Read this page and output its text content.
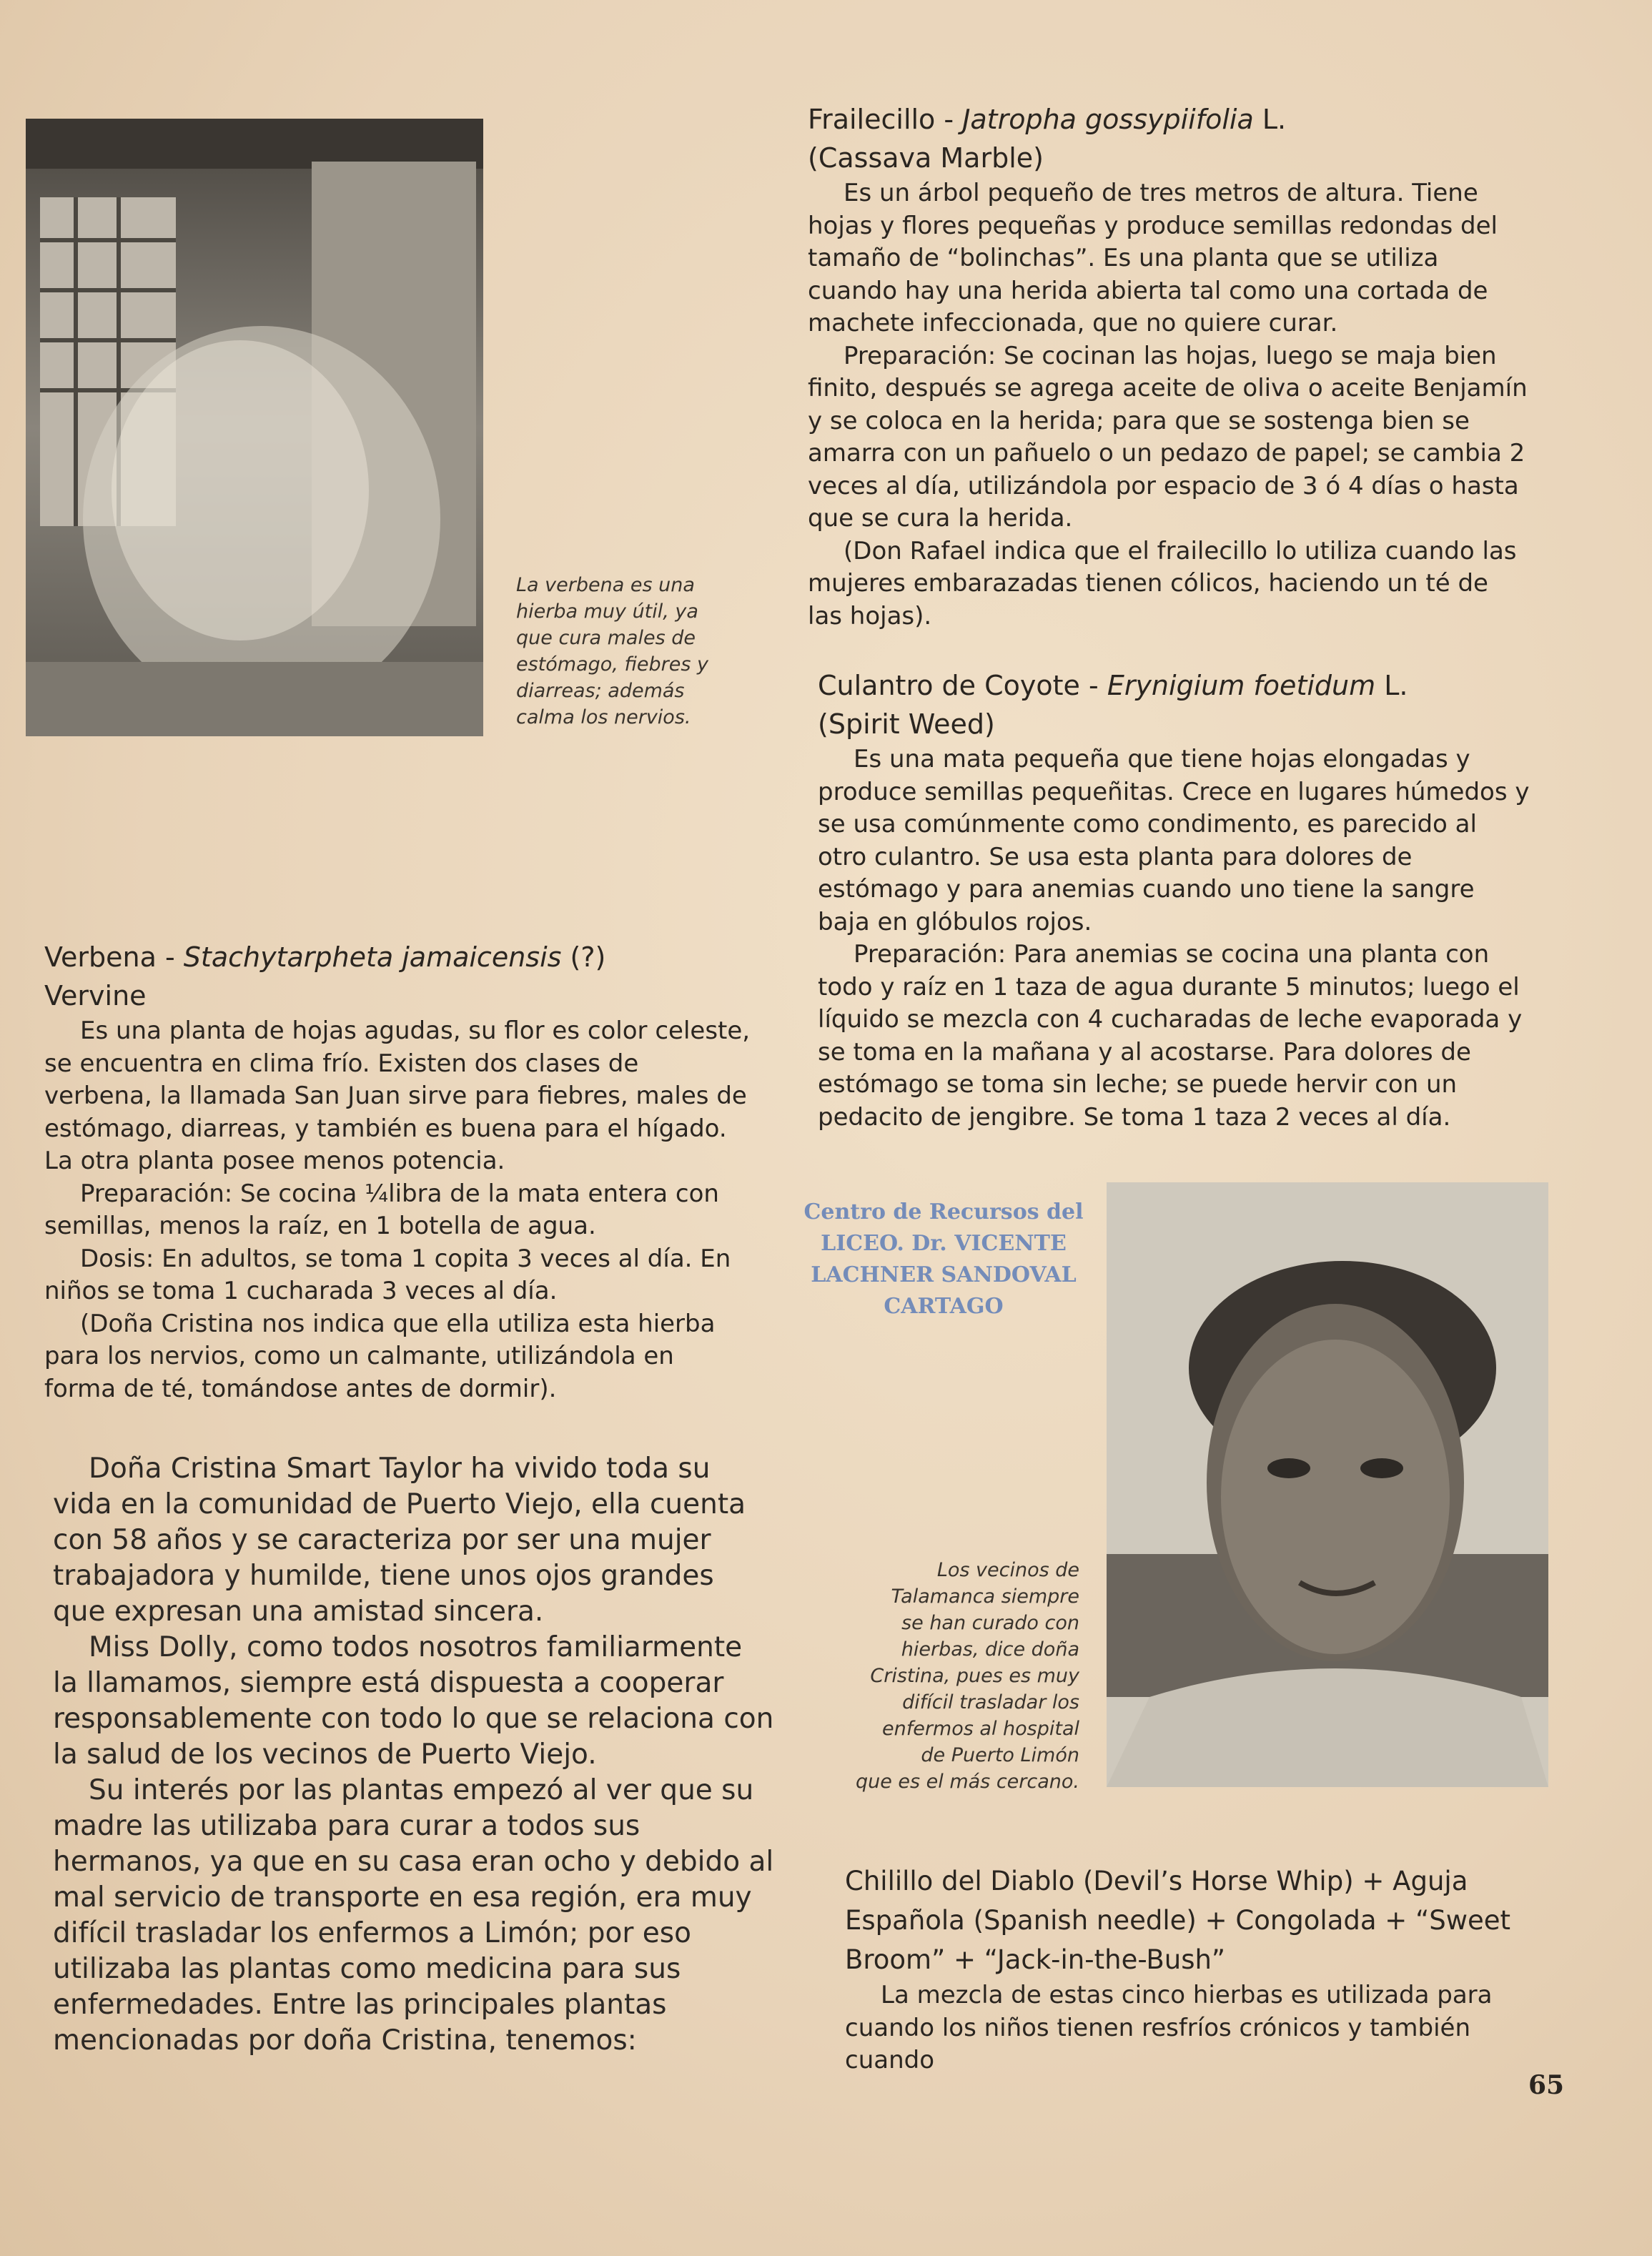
La verbena es una

hierba muy útil, ya

que cura males de

estómago, fiebres y

diarreas; además

calma los nervios.

Verbena - Stachytarpheta jamaicensis (?)

Vervine

Es una planta de hojas agudas, su flor es color celeste, se encuentra en clima frío. Existen dos clases de verbena, la llamada San Juan sirve para fiebres, males de estómago, diarreas, y también es buena para el hígado. La otra planta posee menos potencia.

Preparación: Se cocina ¼libra de la mata entera con semillas, menos la raíz, en 1 botella de agua.

Dosis: En adultos, se toma 1 copita 3 veces al día. En niños se toma 1 cucharada 3 veces al día.

(Doña Cristina nos indica que ella utiliza esta hierba para los nervios, como un calmante, utilizándola en forma de té, tomándose antes de dormir).

Doña Cristina Smart Taylor ha vivido toda su vida en la comunidad de Puerto Viejo, ella cuenta con 58 años y se caracteriza por ser una mujer trabajadora y humilde, tiene unos ojos grandes que expresan una amistad sincera.

Miss Dolly, como todos nosotros familiarmente la llamamos, siempre está dispuesta a cooperar responsablemente con todo lo que se relaciona con la salud de los vecinos de Puerto Viejo.

Su interés por las plantas empezó al ver que su madre las utilizaba para curar a todos sus hermanos, ya que en su casa eran ocho y debido al mal servicio de transporte en esa región, era muy difícil trasladar los enfermos a Limón; por eso utilizaba las plantas como medicina para sus enfermedades. Entre las principales plantas mencionadas por doña Cristina, tenemos:

Frailecillo - Jatropha gossypiifolia L.

(Cassava Marble)

Es un árbol pequeño de tres metros de altura. Tiene hojas y flores pequeñas y produce semillas redondas del tamaño de “bolinchas”. Es una planta que se utiliza cuando hay una herida abierta tal como una cortada de machete infeccionada, que no quiere curar.

Preparación: Se cocinan las hojas, luego se maja bien finito, después se agrega aceite de oliva o aceite Benjamín y se coloca en la herida; para que se sostenga bien se amarra con un pañuelo o un pedazo de papel; se cambia 2 veces al día, utilizándola por espacio de 3 ó 4 días o hasta que se cura la herida.

(Don Rafael indica que el frailecillo lo utiliza cuando las mujeres embarazadas tienen cólicos, haciendo un té de las hojas).

Culantro de Coyote - Erynigium foetidum L.

(Spirit Weed)

Es una mata pequeña que tiene hojas elongadas y produce semillas pequeñitas. Crece en lugares húmedos y se usa comúnmente como condimento, es parecido al otro culantro. Se usa esta planta para dolores de estómago y para anemias cuando uno tiene la sangre baja en glóbulos rojos.

Preparación: Para anemias se cocina una planta con todo y raíz en 1 taza de agua durante 5 minutos; luego el líquido se mezcla con 4 cucharadas de leche evaporada y se toma en la mañana y al acostarse. Para dolores de estómago se toma sin leche; se puede hervir con un pedacito de jengibre. Se toma 1 taza 2 veces al día.

Centro de Recursos del
LICEO. Dr. VICENTE
LACHNER SANDOVAL
CARTAGO

Los vecinos de

Talamanca siempre

se han curado con

hierbas, dice doña

Cristina, pues es muy

difícil trasladar los

enfermos al hospital

de Puerto Limón

que es el más cercano.

Chilillo del Diablo (Devil’s Horse Whip) + Aguja Española (Spanish needle) + Congolada + “Sweet Broom” + “Jack-in-the-Bush”

La mezcla de estas cinco hierbas es utilizada para cuando los niños tienen resfríos crónicos y también cuando

65
